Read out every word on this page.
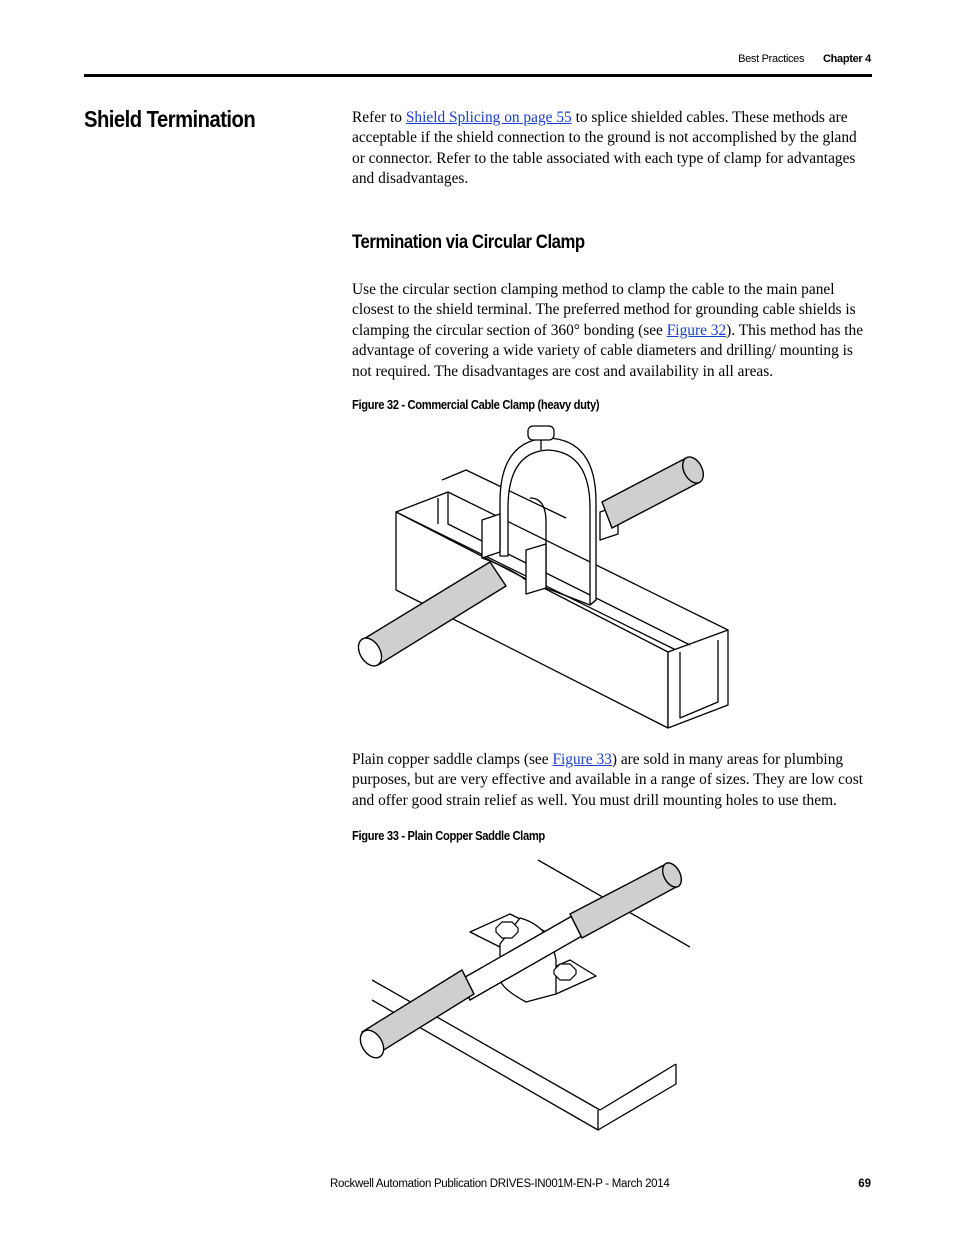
Best Practices Chapter 4
Shield Termination	Refer to Shield Splicing on page 55 to splice shielded cables. These methods are acceptable if the shield connection to the ground is not accomplished by the gland or connector. Refer to the table associated with each type of clamp for advantages and disadvantages.
Termination via Circular Clamp
Use the circular section clamping method to clamp the cable to the main panel closest to the shield terminal. The preferred method for grounding cable shields is clamping the circular section of 360° bonding (see Figure 32). This method has the advantage of covering a wide variety of cable diameters and drilling/ mounting is not required. The disadvantages are cost and availability in all areas.
Figure 32 - Commercial Cable Clamp (heavy duty)
Plain copper saddle clamps (see Figure 33) are sold in many areas for plumbing purposes, but are very effective and available in a range of sizes. They are low cost and offer good strain relief as well. You must drill mounting holes to use them.
Figure 33 - Plain Copper Saddle Clamp
Rockwell Automation Publication DRIVES-IN001M-EN-P - March 2014	69
